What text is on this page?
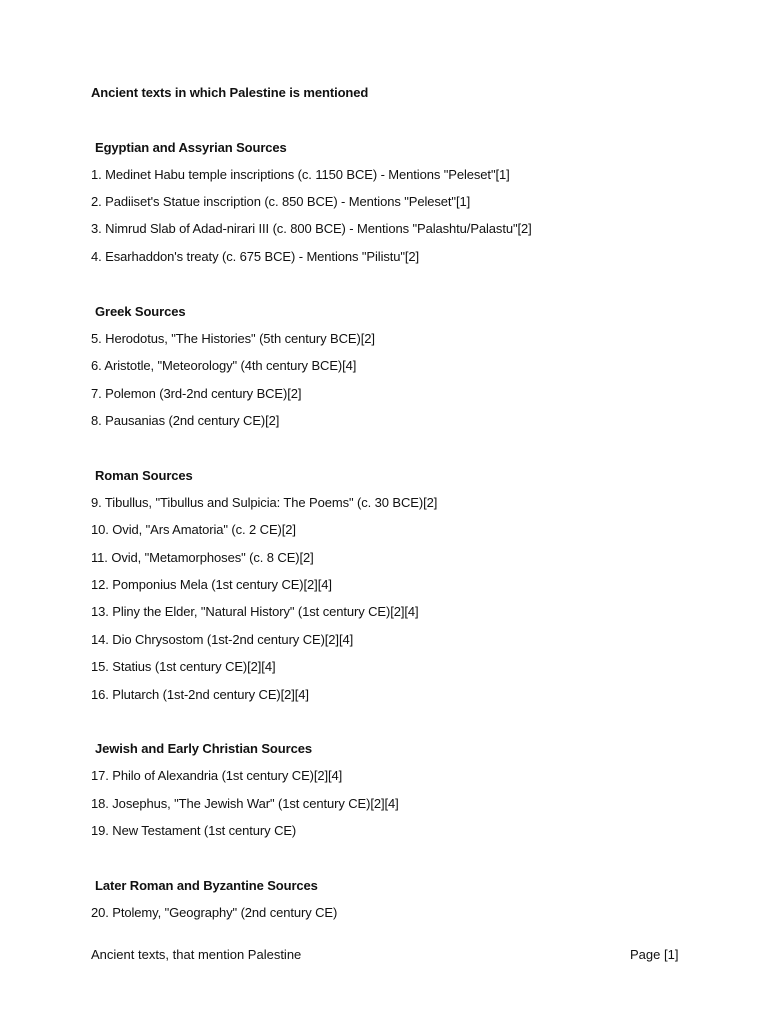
Ancient texts in which Palestine is mentioned
Egyptian and Assyrian Sources
1. Medinet Habu temple inscriptions (c. 1150 BCE) - Mentions "Peleset"[1]
2. Padiiset's Statue inscription (c. 850 BCE) - Mentions "Peleset"[1]
3. Nimrud Slab of Adad-nirari III (c. 800 BCE) - Mentions "Palashtu/Palastu"[2]
4. Esarhaddon's treaty (c. 675 BCE) - Mentions "Pilistu"[2]
Greek Sources
5. Herodotus, "The Histories" (5th century BCE)[2]
6. Aristotle, "Meteorology" (4th century BCE)[4]
7. Polemon (3rd-2nd century BCE)[2]
8. Pausanias (2nd century CE)[2]
Roman Sources
9. Tibullus, "Tibullus and Sulpicia: The Poems" (c. 30 BCE)[2]
10. Ovid, "Ars Amatoria" (c. 2 CE)[2]
11. Ovid, "Metamorphoses" (c. 8 CE)[2]
12. Pomponius Mela (1st century CE)[2][4]
13. Pliny the Elder, "Natural History" (1st century CE)[2][4]
14. Dio Chrysostom (1st-2nd century CE)[2][4]
15. Statius (1st century CE)[2][4]
16. Plutarch (1st-2nd century CE)[2][4]
Jewish and Early Christian Sources
17. Philo of Alexandria (1st century CE)[2][4]
18. Josephus, "The Jewish War" (1st century CE)[2][4]
19. New Testament (1st century CE)
Later Roman and Byzantine Sources
20. Ptolemy, "Geography" (2nd century CE)
Ancient texts, that mention Palestine	Page [1]
